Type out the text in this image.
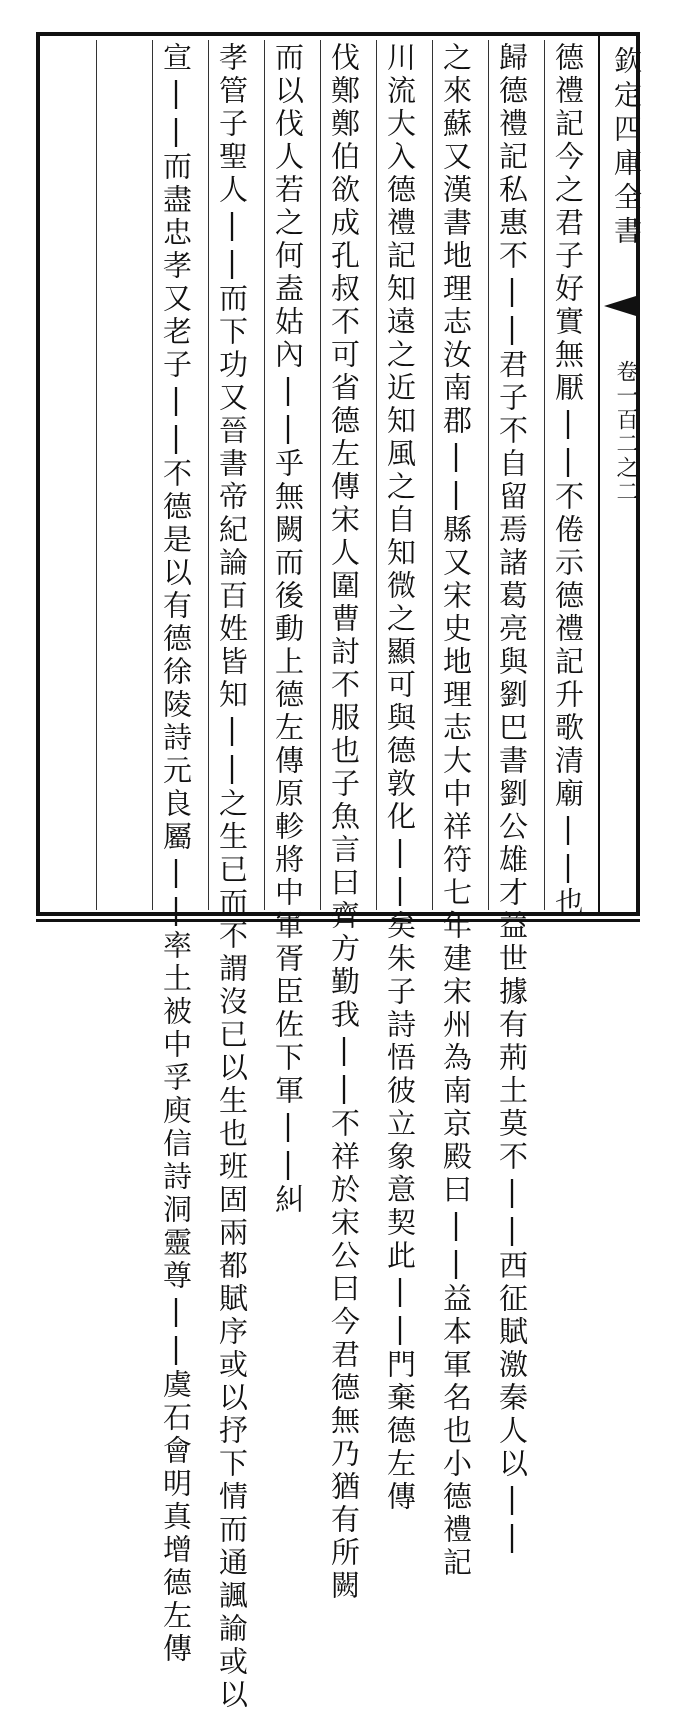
欽定四庫全書
卷一百二之二
德禮記今之君子好實無厭||不倦示德禮記升歌清廟||也
歸德禮記私惠不||君子不自留焉諸葛亮與劉巴書劉公雄才益世據有荊土莫不||西征賦激秦人以||
之來蘇又漢書地理志汝南郡||縣又宋史地理志大中祥符七年建宋州為南京殿曰||益本軍名也小德禮記
川流大入德禮記知遠之近知風之自知微之顯可與德敦化||矣朱子詩悟彼立象意契此||門棄德左傳
伐鄭鄭伯欲成孔叔不可省德左傳宋人圍曹討不服也子魚言曰齊方勤我||不祥於宋公曰今君德無乃猶有所闕
而以伐人若之何盍姑內||乎無闕而後動上德左傳原軫將中軍胥臣佐下軍||糾
孝管子聖人||而下功又晉書帝紀論百姓皆知||之生已而不謂沒已以生也班固兩都賦序或以抒下情而通諷諭或以
宣||而盡忠孝又老子||不德是以有德徐陵詩元良屬||率土被中孚庾信詩洞靈尊||虞石會明真增德左傳
